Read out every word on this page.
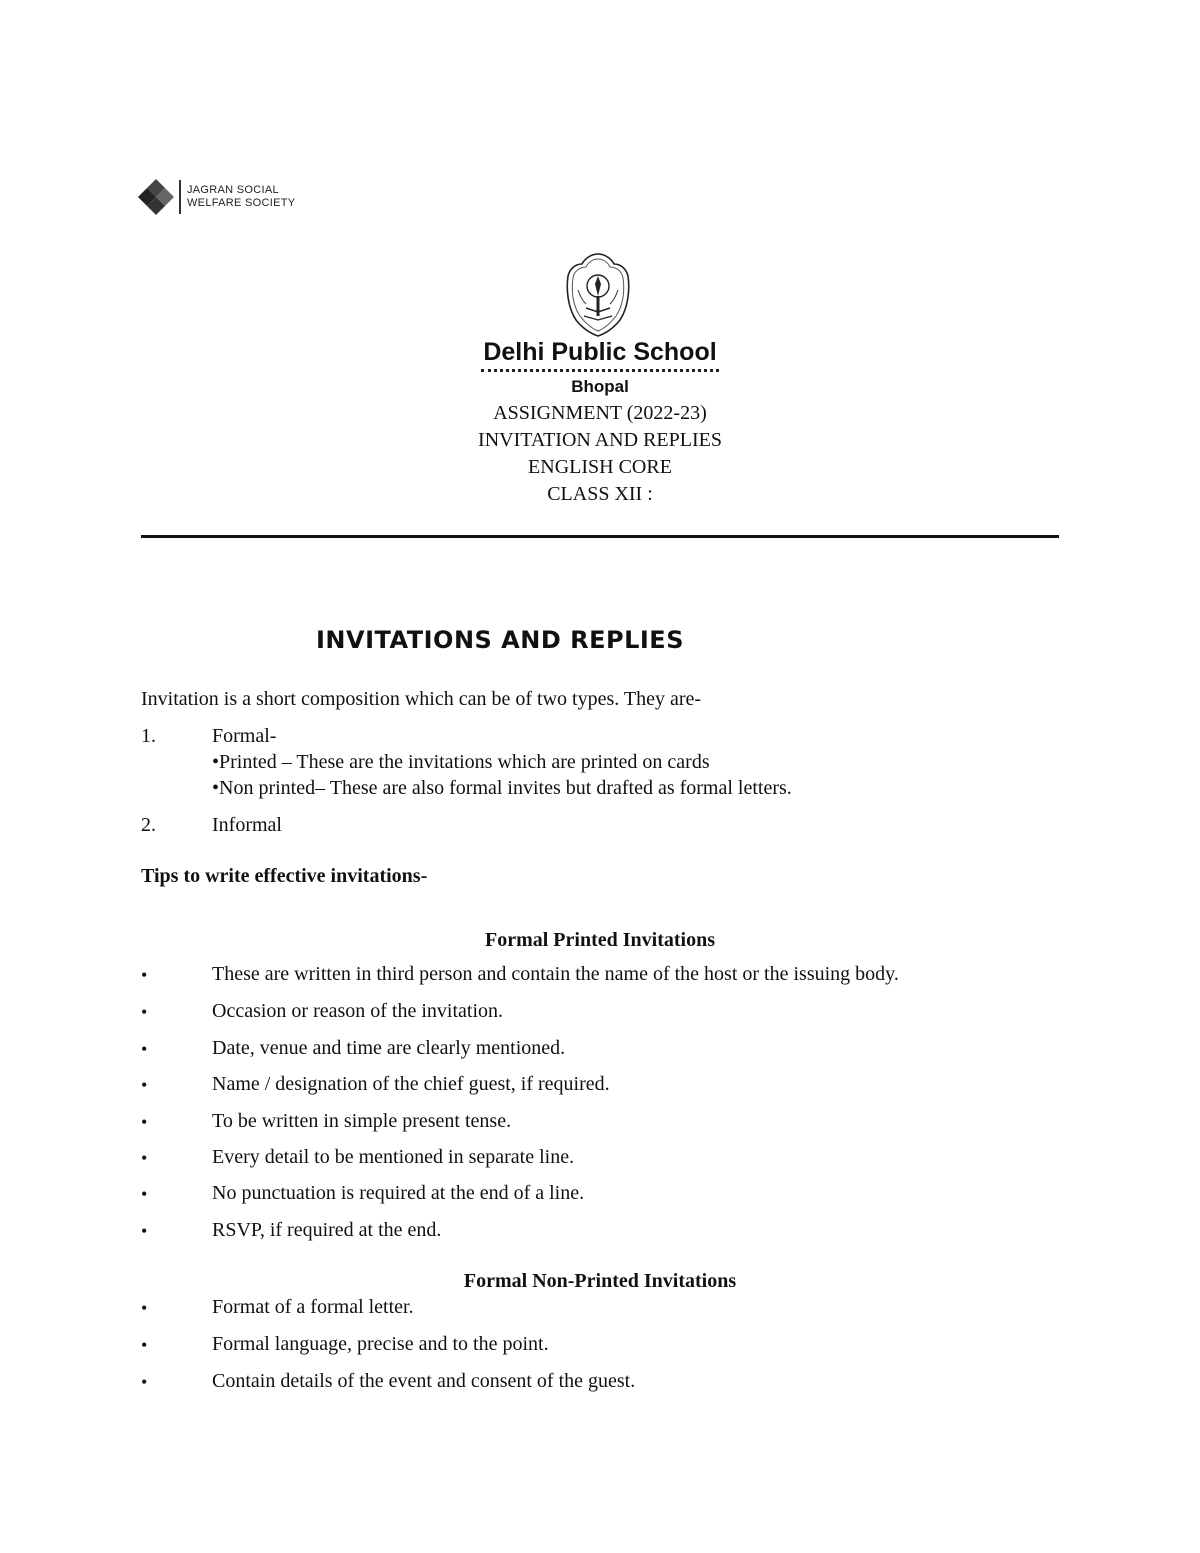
JAGRAN SOCIAL
WELFARE SOCIETY
Delhi Public School
Bhopal
ASSIGNMENT (2022-23)
INVITATION AND REPLIES
ENGLISH CORE
CLASS XII :
INVITATIONS AND REPLIES
Invitation is a short composition which can be of two types. They are-
1.	Formal-
•Printed – These are the invitations which are printed on cards
•Non printed– These are also formal invites but drafted as formal letters.
2.	Informal
Tips to write effective invitations-
Formal Printed Invitations
•	These are written in third person and contain the name of the host or the issuing body.
•	Occasion or reason of the invitation.
•	Date, venue and time are clearly mentioned.
•	Name / designation of the chief guest, if required.
•	To be written in simple present tense.
•	Every detail to be mentioned in separate line.
•	No punctuation is required at the end of a line.
•	RSVP, if required at the end.
Formal Non-Printed Invitations
•	Format of a formal letter.
•	Formal language, precise and to the point.
•	Contain details of the event and consent of the guest.
